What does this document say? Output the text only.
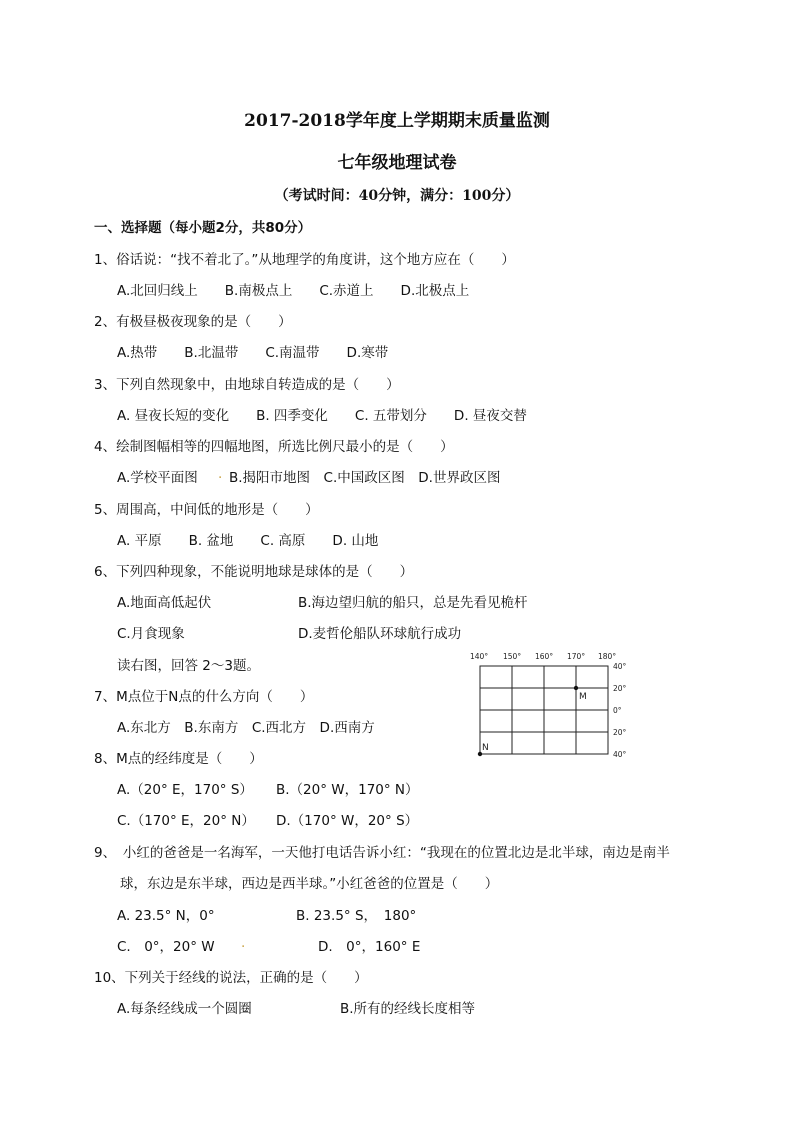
2017-2018学年度上学期期末质量监测
七年级地理试卷
（考试时间：40分钟，满分：100分）
一、选择题（每小题2分，共80分）
1、俗话说：“找不着北了。”从地理学的角度讲，这个地方应在（　　）
A.北回归线上　　B.南极点上　　C.赤道上　　D.北极点上
2、有极昼极夜现象的是（　　）
A.热带　　B.北温带　　C.南温带　　D.寒带
3、下列自然现象中，由地球自转造成的是（　　）
A. 昼夜长短的变化　　B. 四季变化　　C. 五带划分　　D. 昼夜交替
4、绘制图幅相等的四幅地图，所选比例尺最小的是（　　）
A.学校平面图 . B.揭阳市地图　C.中国政区图　D.世界政区图
5、周围高，中间低的地形是（　　）
A. 平原　　B. 盆地　　C. 高原　　D. 山地
6、下列四种现象，不能说明地球是球体的是（　　）
A.地面高低起伏	B.海边望归航的船只，总是先看见桅杆
C.月食现象	D.麦哲伦船队环球航行成功
读右图，回答 2～3题。
7、M点位于N点的什么方向（　　）
A.东北方　B.东南方　C.西北方　D.西南方
8、M点的经纬度是（　　）
A.（20° E，170° S） B.（20° W，170° N）
C.（170° E，20° N） D.（170° W，20° S）
9、　小红的爸爸是一名海军，一天他打电话告诉小红：“我现在的位置北边是北半球，南边是南半
球，东边是东半球，西边是西半球。”小红爸爸的位置是（　　）
A. 23.5° N，0°	B. 23.5° S，　180°
C.　0°，20° W .	D.　0°，160° E
10、下列关于经线的说法，正确的是（　　）
A.每条经线成一个圆圈	B.所有的经线长度相等
140° 150° 160° 170° 180°
40°
20°
0°
20°
40°
M
N
